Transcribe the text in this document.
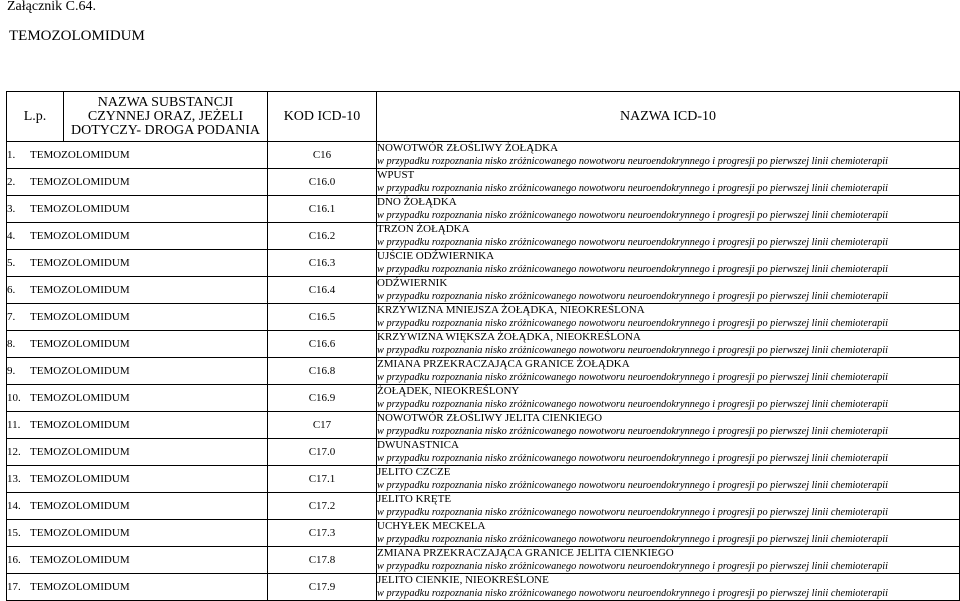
Załącznik C.64.
TEMOZOLOMIDUM
L.p.	NAZWA SUBSTANCJI
CZYNNEJ ORAZ, JEŻELI
DOTYCZY- DROGA PODANIA	KOD ICD-10	NAZWA ICD-10
1. TEMOZOLOMIDUM		C16	NOWOTWÓR ZŁOŚLIWY ŻOŁĄDKA
w przypadku rozpoznania nisko zróżnicowanego nowotworu neuroendokrynnego i progresji po pierwszej linii chemioterapii

2. TEMOZOLOMIDUM		C16.0	WPUST
w przypadku rozpoznania nisko zróżnicowanego nowotworu neuroendokrynnego i progresji po pierwszej linii chemioterapii

3. TEMOZOLOMIDUM		C16.1	DNO ŻOŁĄDKA
w przypadku rozpoznania nisko zróżnicowanego nowotworu neuroendokrynnego i progresji po pierwszej linii chemioterapii

4. TEMOZOLOMIDUM		C16.2	TRZON ŻOŁĄDKA
w przypadku rozpoznania nisko zróżnicowanego nowotworu neuroendokrynnego i progresji po pierwszej linii chemioterapii

5. TEMOZOLOMIDUM		C16.3	UJŚCIE ODŹWIERNIKA
w przypadku rozpoznania nisko zróżnicowanego nowotworu neuroendokrynnego i progresji po pierwszej linii chemioterapii

6. TEMOZOLOMIDUM		C16.4	ODŹWIERNIK
w przypadku rozpoznania nisko zróżnicowanego nowotworu neuroendokrynnego i progresji po pierwszej linii chemioterapii

7. TEMOZOLOMIDUM		C16.5	KRZYWIZNA MNIEJSZA ŻOŁĄDKA, NIEOKREŚLONA
w przypadku rozpoznania nisko zróżnicowanego nowotworu neuroendokrynnego i progresji po pierwszej linii chemioterapii

8. TEMOZOLOMIDUM		C16.6	KRZYWIZNA WIĘKSZA ŻOŁĄDKA, NIEOKREŚLONA
w przypadku rozpoznania nisko zróżnicowanego nowotworu neuroendokrynnego i progresji po pierwszej linii chemioterapii

9. TEMOZOLOMIDUM		C16.8	ZMIANA PRZEKRACZAJĄCA GRANICE ŻOŁĄDKA
w przypadku rozpoznania nisko zróżnicowanego nowotworu neuroendokrynnego i progresji po pierwszej linii chemioterapii

10. TEMOZOLOMIDUM		C16.9	ŻOŁĄDEK, NIEOKREŚLONY
w przypadku rozpoznania nisko zróżnicowanego nowotworu neuroendokrynnego i progresji po pierwszej linii chemioterapii

11. TEMOZOLOMIDUM		C17	NOWOTWÓR ZŁOŚLIWY JELITA CIENKIEGO
w przypadku rozpoznania nisko zróżnicowanego nowotworu neuroendokrynnego i progresji po pierwszej linii chemioterapii

12. TEMOZOLOMIDUM		C17.0	DWUNASTNICA
w przypadku rozpoznania nisko zróżnicowanego nowotworu neuroendokrynnego i progresji po pierwszej linii chemioterapii

13. TEMOZOLOMIDUM		C17.1	JELITO CZCZE
w przypadku rozpoznania nisko zróżnicowanego nowotworu neuroendokrynnego i progresji po pierwszej linii chemioterapii

14. TEMOZOLOMIDUM		C17.2	JELITO KRĘTE
w przypadku rozpoznania nisko zróżnicowanego nowotworu neuroendokrynnego i progresji po pierwszej linii chemioterapii

15. TEMOZOLOMIDUM		C17.3	UCHYŁEK MECKELA
w przypadku rozpoznania nisko zróżnicowanego nowotworu neuroendokrynnego i progresji po pierwszej linii chemioterapii

16. TEMOZOLOMIDUM		C17.8	ZMIANA PRZEKRACZAJĄCA GRANICE JELITA CIENKIEGO
w przypadku rozpoznania nisko zróżnicowanego nowotworu neuroendokrynnego i progresji po pierwszej linii chemioterapii

17. TEMOZOLOMIDUM		C17.9	JELITO CIENKIE, NIEOKREŚLONE
w przypadku rozpoznania nisko zróżnicowanego nowotworu neuroendokrynnego i progresji po pierwszej linii chemioterapii
